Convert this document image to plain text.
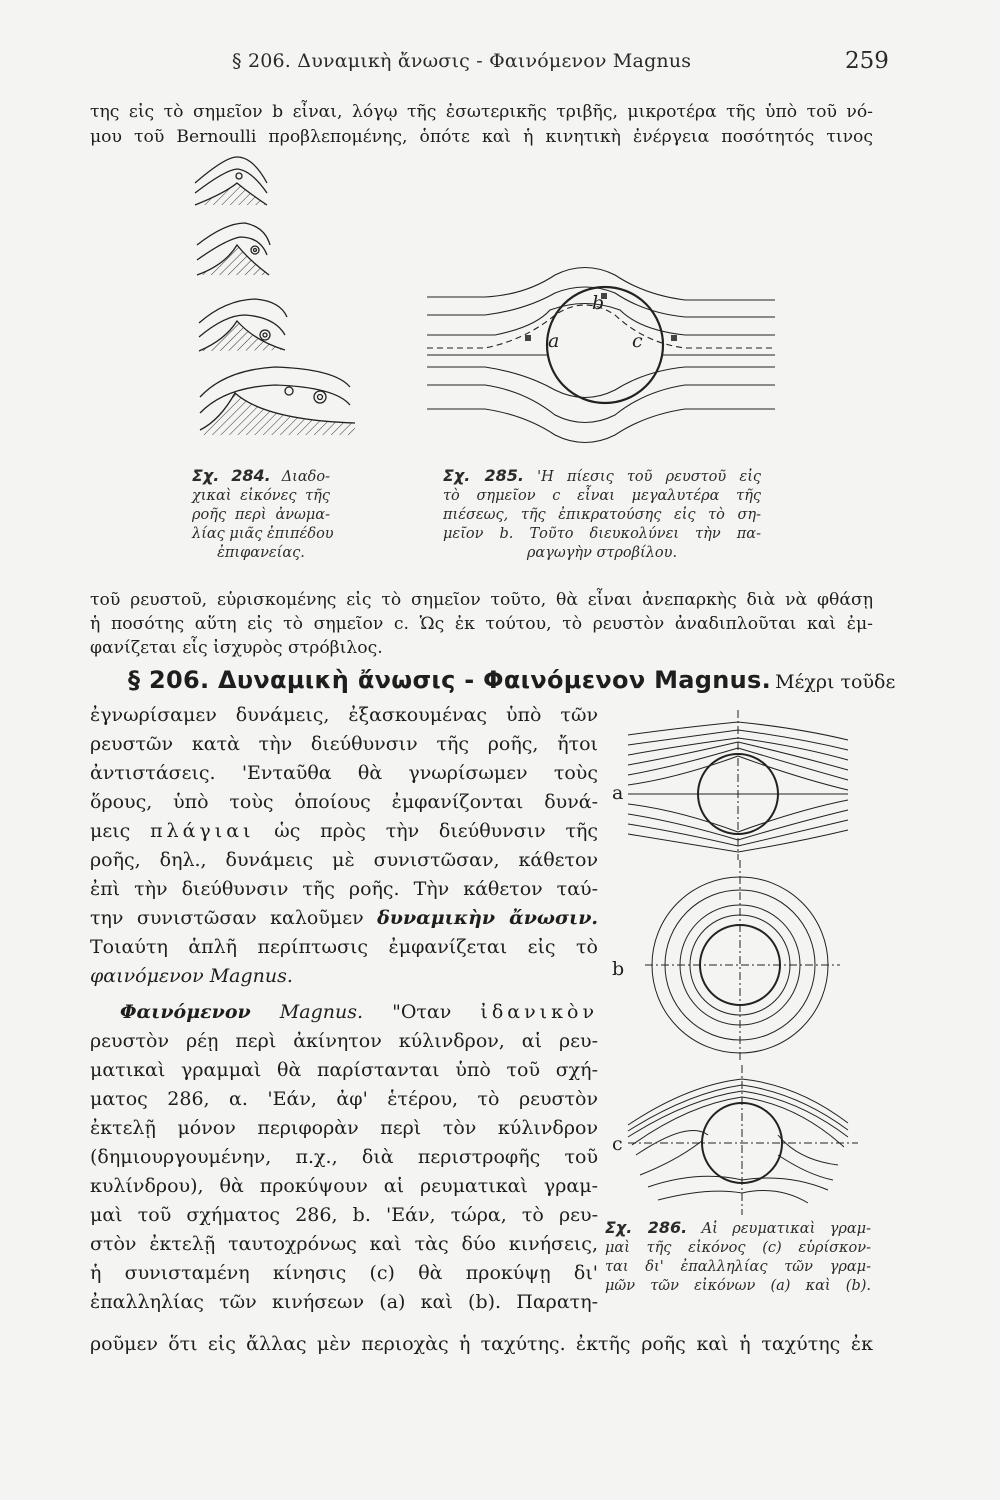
§ 206. Δυναμικὴ ἄνωσις - Φαινόμενον Magnus	259
της εἰς τὸ σημεῖον b εἶναι, λόγῳ τῆς ἐσωτερικῆς τριβῆς, μικροτέρα τῆς ὑπὸ τοῦ νό-
μου τοῦ Bernoulli προβλεπομένης, ὁπότε καὶ ἡ κινητικὴ ἐνέργεια ποσότητός τινος
a
b
c
Σχ. 284. Διαδο-
χικαὶ εἰκόνες τῆς
ροῆς περὶ ἀνωμα-
λίας μιᾶς ἐπιπέδου
ἐπιφανείας.
Σχ. 285. 'Η πίεσις τοῦ ρευστοῦ εἰς
τὸ σημεῖον c εἶναι μεγαλυτέρα τῆς
πιέσεως, τῆς ἐπικρατούσης εἰς τὸ ση-
μεῖον b. Τοῦτο διευκολύνει τὴν πα-
ραγωγὴν στροβίλου.
τοῦ ρευστοῦ, εὑρισκομένης εἰς τὸ σημεῖον τοῦτο, θὰ εἶναι ἀνεπαρκὴς διὰ νὰ φθάσῃ
ἡ ποσότης αὕτη εἰς τὸ σημεῖον c. Ὡς ἐκ τούτου, τὸ ρευστὸν ἀναδιπλοῦται καὶ ἐμ-
φανίζεται εἷς ἰσχυρὸς στρόβιλος.
§ 206. Δυναμικὴ ἄνωσις - Φαινόμενον Magnus. Μέχρι τοῦδε
ἐγνωρίσαμεν δυνάμεις, ἐξασκουμένας ὑπὸ τῶν
ρευστῶν κατὰ τὴν διεύθυνσιν τῆς ροῆς, ἤτοι
ἀντιστάσεις. 'Ενταῦθα θὰ γνωρίσωμεν τοὺς
ὅρους, ὑπὸ τοὺς ὁποίους ἐμφανίζονται δυνά-
μεις πλάγιαι ὡς πρὸς τὴν διεύθυνσιν τῆς
ροῆς, δηλ., δυνάμεις μὲ συνιστῶσαν, κάθετον
ἐπὶ τὴν διεύθυνσιν τῆς ροῆς. Τὴν κάθετον ταύ-
την συνιστῶσαν καλοῦμεν δυναμικὴν ἄνωσιν.
Τοιαύτη ἁπλῆ περίπτωσις ἐμφανίζεται εἰς τὸ
φαινόμενον Magnus.
Φαινόμενον Magnus. "Οταν ἰδανικὸν
ρευστὸν ρέῃ περὶ ἀκίνητον κύλινδρον, αἱ ρευ-
ματικαὶ γραμμαὶ θὰ παρίστανται ὑπὸ τοῦ σχή-
ματος 286, α. 'Εάν, ἀφ' ἑτέρου, τὸ ρευστὸν
ἐκτελῇ μόνον περιφορὰν περὶ τὸν κύλινδρον
(δημιουργουμένην, π.χ., διὰ περιστροφῆς τοῦ
κυλίνδρου), θὰ προκύψουν αἱ ρευματικαὶ γραμ-
μαὶ τοῦ σχήματος 286, b. 'Εάν, τώρα, τὸ ρευ-
στὸν ἐκτελῇ ταυτοχρόνως καὶ τὰς δύο κινήσεις,
ἡ συνισταμένη κίνησις (c) θὰ προκύψῃ δι'
ἐπαλληλίας τῶν κινήσεων (a) καὶ (b). Παρατη-
ροῦμεν ὅτι εἰς ἄλλας μὲν περιοχὰς ἡ ταχύτης. ἐκ τῆς ροῆς καὶ ἡ ταχύτης ἐκ
a
b
c
Σχ. 286. Αἱ ρευματικαὶ γραμ-
μαὶ τῆς εἰκόνος (c) εὑρίσκον-
ται δι' ἐπαλληλίας τῶν γραμ-
μῶν τῶν εἰκόνων (a) καὶ (b).
